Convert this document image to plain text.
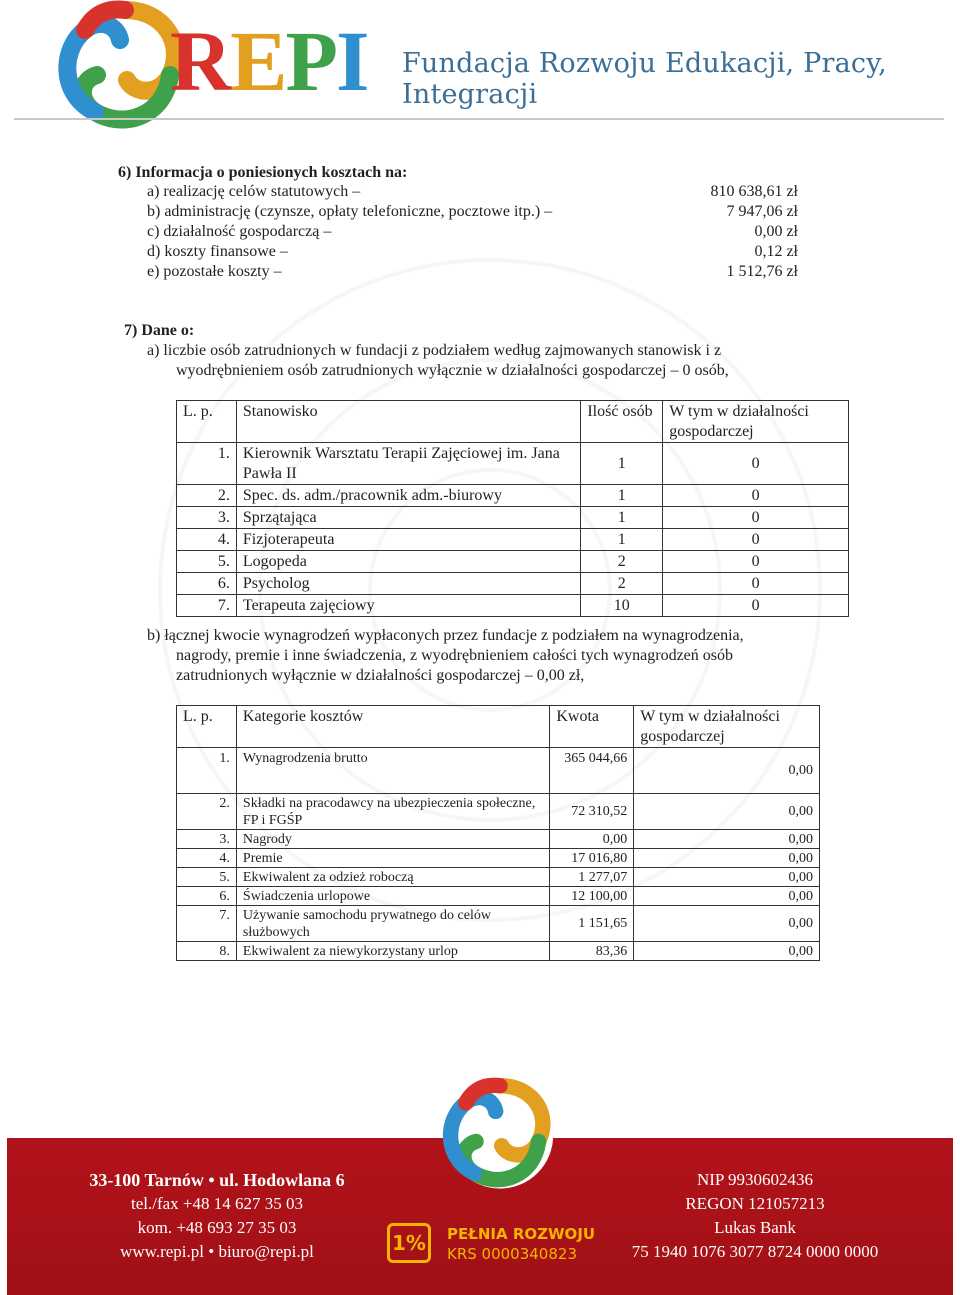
REPI Fundacja Rozwoju Edukacji, Pracy, Integracji
6) Informacja o poniesionych kosztach na:
a) realizację celów statutowych –	810 638,61 zł
b) administrację (czynsze, opłaty telefoniczne, pocztowe itp.) –	7 947,06 zł
c) działalność gospodarczą –	0,00 zł
d) koszty finansowe –	0,12 zł
e) pozostałe koszty –	1 512,76 zł
7) Dane o:
a) liczbie osób zatrudnionych w fundacji z podziałem według zajmowanych stanowisk i z
wyodrębnieniem osób zatrudnionych wyłącznie w działalności gospodarczej – 0 osób,
L. p.	Stanowisko	Ilość osób	W tym w działalności gospodarczej
1.	Kierownik Warsztatu Terapii Zajęciowej im. Jana Pawła II	1	0
2.	Spec. ds. adm./pracownik adm.-biurowy	1	0
3.	Sprzątająca	1	0
4.	Fizjoterapeuta	1	0
5.	Logopeda	2	0
6.	Psycholog	2	0
7.	Terapeuta zajęciowy	10	0
b) łącznej kwocie wynagrodzeń wypłaconych przez fundacje z podziałem na wynagrodzenia,
nagrody, premie i inne świadczenia, z wyodrębnieniem całości tych wynagrodzeń osób
zatrudnionych wyłącznie w działalności gospodarczej – 0,00 zł,
L. p.	Kategorie kosztów	Kwota	W tym w działalności gospodarczej
1.	Wynagrodzenia brutto	365 044,66	0,00
2.	Składki na pracodawcy na ubezpieczenia społeczne, FP i FGŚP	72 310,52	0,00
3.	Nagrody	0,00	0,00
4.	Premie	17 016,80	0,00
5.	Ekwiwalent za odzież roboczą	1 277,07	0,00
6.	Świadczenia urlopowe	12 100,00	0,00
7.	Używanie samochodu prywatnego do celów służbowych	1 151,65	0,00
8.	Ekwiwalent za niewykorzystany urlop	83,36	0,00
33-100 Tarnów • ul. Hodowlana 6
tel./fax +48 14 627 35 03
kom. +48 693 27 35 03
www.repi.pl • biuro@repi.pl	1%	PEŁNIA ROZWOJU
KRS 0000340823
NIP 9930602436
REGON 121057213
Lukas Bank
75 1940 1076 3077 8724 0000 0000
